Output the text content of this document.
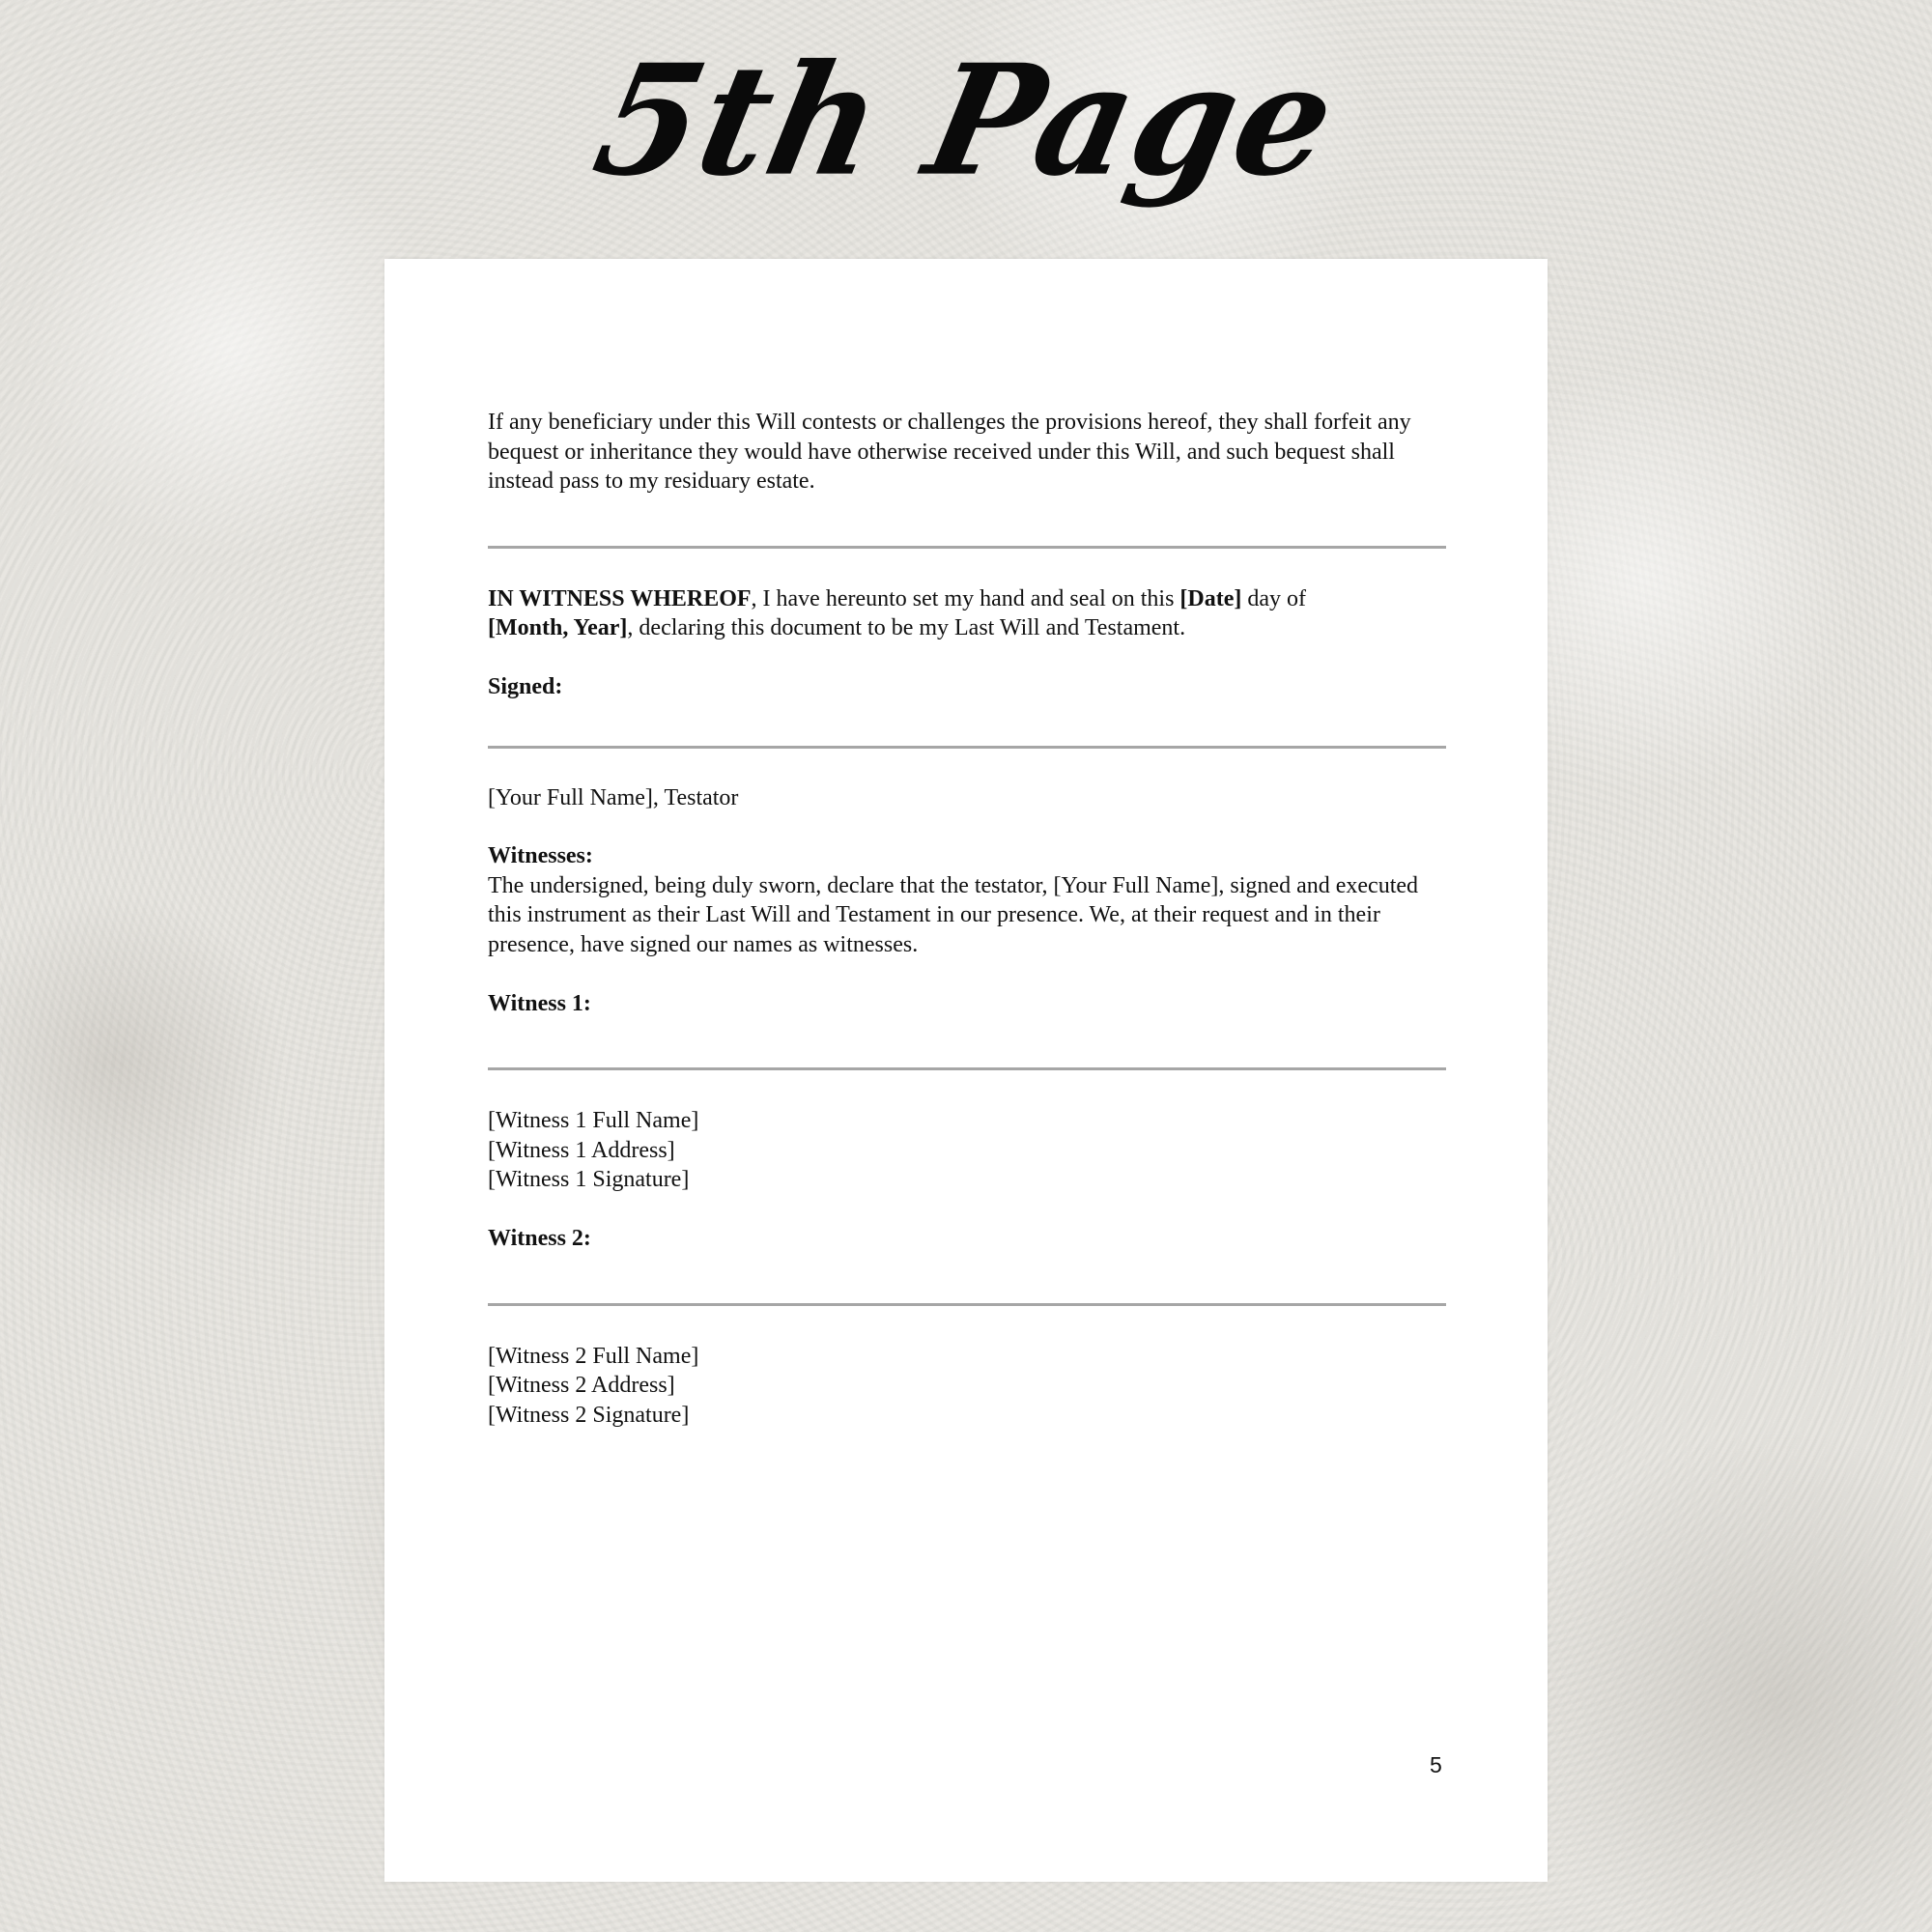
5th Page

If any beneficiary under this Will contests or challenges the provisions hereof, they shall forfeit any bequest or inheritance they would have otherwise received under this Will, and such bequest shall instead pass to my residuary estate.

IN WITNESS WHEREOF, I have hereunto set my hand and seal on this [Date] day of
[Month, Year], declaring this document to be my Last Will and Testament.

Signed:

[Your Full Name], Testator

Witnesses:

The undersigned, being duly sworn, declare that the testator, [Your Full Name], signed and executed this instrument as their Last Will and Testament in our presence. We, at their request and in their presence, have signed our names as witnesses.

Witness 1:

[Witness 1 Full Name]

[Witness 1 Address]

[Witness 1 Signature]

Witness 2:

[Witness 2 Full Name]

[Witness 2 Address]

[Witness 2 Signature]

5
